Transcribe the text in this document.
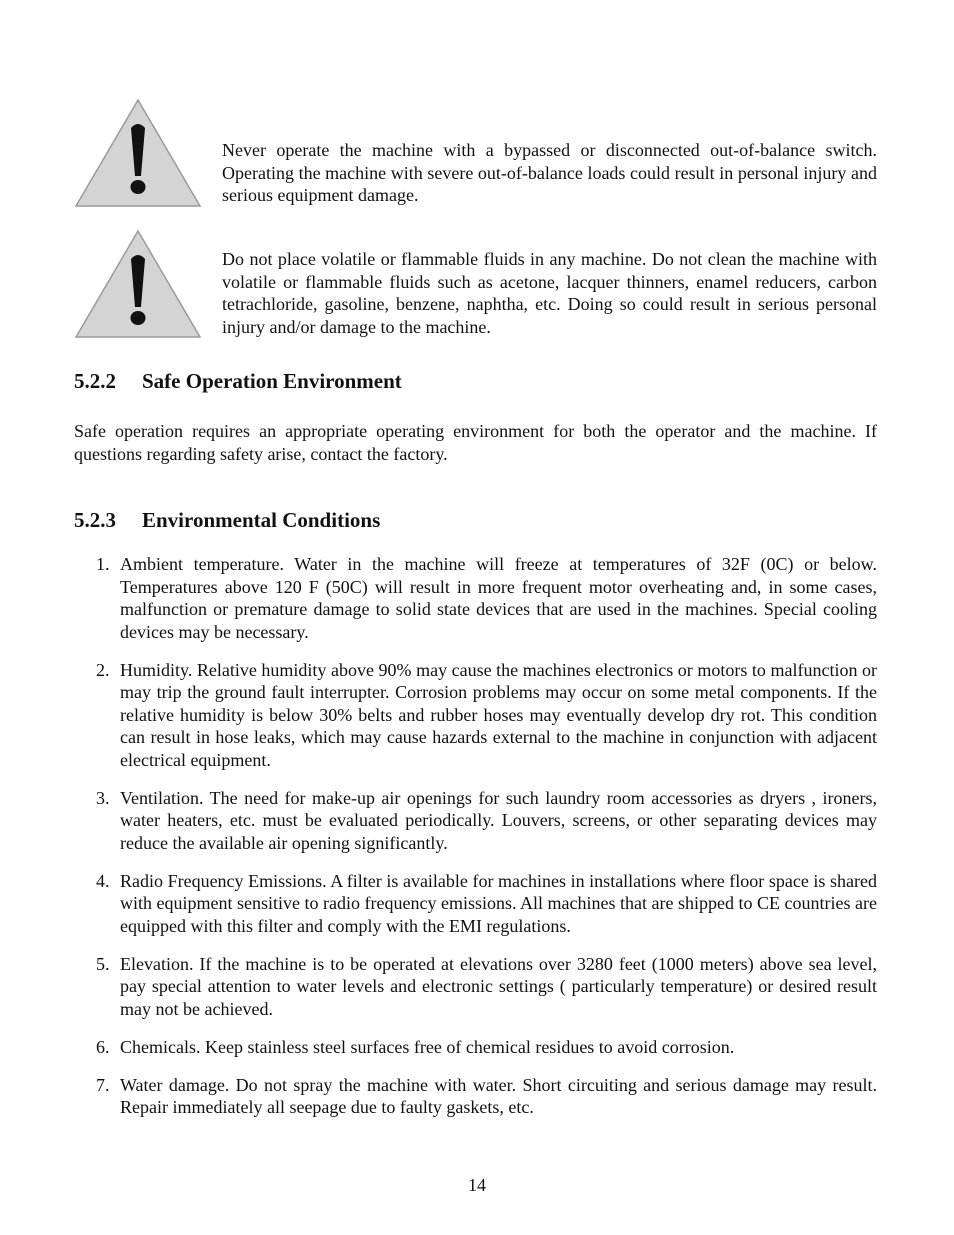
Never operate the machine with a bypassed or disconnected out-of-balance switch. Operating the machine with severe out-of-balance loads could result in personal injury and serious equipment damage.

Do not place volatile or flammable fluids in any machine. Do not clean the machine with volatile or flammable fluids such as acetone, lacquer thinners, enamel reducers, carbon tetrachloride, gasoline, benzene, naphtha, etc. Doing so could result in serious personal injury and/or damage to the machine.

5.2.2 Safe Operation Environment

Safe operation requires an appropriate operating environment for both the operator and the machine. If questions regarding safety arise, contact the factory.

5.2.3 Environmental Conditions
1. Ambient temperature. Water in the machine will freeze at temperatures of 32F (0C) or below. Temperatures above 120 F (50C) will result in more frequent motor overheating and, in some cases, malfunction or premature damage to solid state devices that are used in the machines. Special cooling devices may be necessary.
2. Humidity. Relative humidity above 90% may cause the machines electronics or motors to malfunction or may trip the ground fault interrupter. Corrosion problems may occur on some metal components. If the relative humidity is below 30% belts and rubber hoses may eventually develop dry rot. This condition can result in hose leaks, which may cause hazards external to the machine in conjunction with adjacent electrical equipment.
3. Ventilation. The need for make-up air openings for such laundry room accessories as dryers , ironers, water heaters, etc. must be evaluated periodically. Louvers, screens, or other separating devices may reduce the available air opening significantly.
4. Radio Frequency Emissions. A filter is available for machines in installations where floor space is shared with equipment sensitive to radio frequency emissions. All machines that are shipped to CE countries are equipped with this filter and comply with the EMI regulations.
5. Elevation. If the machine is to be operated at elevations over 3280 feet (1000 meters) above sea level, pay special attention to water levels and electronic settings ( particularly temperature) or desired result may not be achieved.
6. Chemicals. Keep stainless steel surfaces free of chemical residues to avoid corrosion.
7. Water damage. Do not spray the machine with water. Short circuiting and serious damage may result. Repair immediately all seepage due to faulty gaskets, etc.

14
